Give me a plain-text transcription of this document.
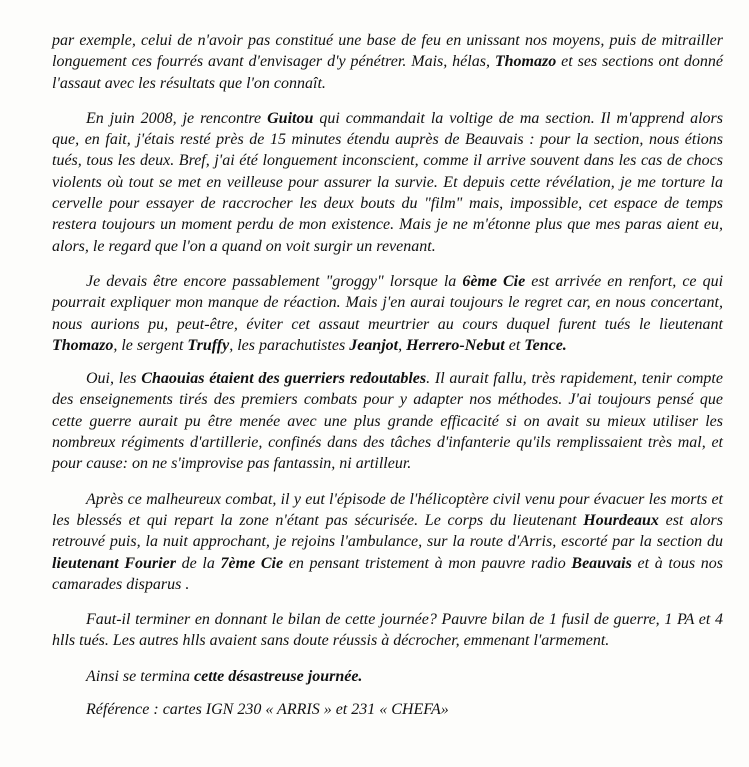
par exemple, celui de n'avoir pas constitué une base de feu en unissant nos moyens, puis de mitrailler longuement ces fourrés avant d'envisager d'y pénétrer. Mais, hélas, Thomazo et ses sections ont donné l'assaut avec les résultats que l'on connaît.

En juin 2008, je rencontre Guitou qui commandait la voltige de ma section. Il m'apprend alors que, en fait, j'étais resté près de 15 minutes étendu auprès de Beauvais : pour la section, nous étions tués, tous les deux. Bref, j'ai été longuement inconscient, comme il arrive souvent dans les cas de chocs violents où tout se met en veilleuse pour assurer la survie. Et depuis cette révélation, je me torture la cervelle pour essayer de raccrocher les deux bouts du "film" mais, impossible, cet espace de temps restera toujours un moment perdu de mon existence. Mais je ne m'étonne plus que mes paras aient eu, alors, le regard que l'on a quand on voit surgir un revenant.

Je devais être encore passablement "groggy" lorsque la 6ème Cie est arrivée en renfort, ce qui pourrait expliquer mon manque de réaction. Mais j'en aurai toujours le regret car, en nous concertant, nous aurions pu, peut-être, éviter cet assaut meurtrier au cours duquel furent tués le lieutenant Thomazo, le sergent Truffy, les parachutistes Jeanjot, Herrero-Nebut et Tence.

Oui, les Chaouias étaient des guerriers redoutables. Il aurait fallu, très rapidement, tenir compte des enseignements tirés des premiers combats pour y adapter nos méthodes. J'ai toujours pensé que cette guerre aurait pu être menée avec une plus grande efficacité si on avait su mieux utiliser les nombreux régiments d'artillerie, confinés dans des tâches d'infanterie qu'ils remplissaient très mal, et pour cause: on ne s'improvise pas fantassin, ni artilleur.

Après ce malheureux combat, il y eut l'épisode de l'hélicoptère civil venu pour évacuer les morts et les blessés et qui repart la zone n'étant pas sécurisée. Le corps du lieutenant Hourdeaux est alors retrouvé puis, la nuit approchant, je rejoins l'ambulance, sur la route d'Arris, escorté par la section du lieutenant Fourier de la 7ème Cie en pensant tristement à mon pauvre radio Beauvais et à tous nos camarades disparus .

Faut-il terminer en donnant le bilan de cette journée? Pauvre bilan de 1 fusil de guerre, 1 PA et 4 hlls tués. Les autres hlls avaient sans doute réussis à décrocher, emmenant l'armement.

Ainsi se termina cette désastreuse journée.

Référence : cartes IGN 230 « ARRIS » et 231 « CHEFA»
